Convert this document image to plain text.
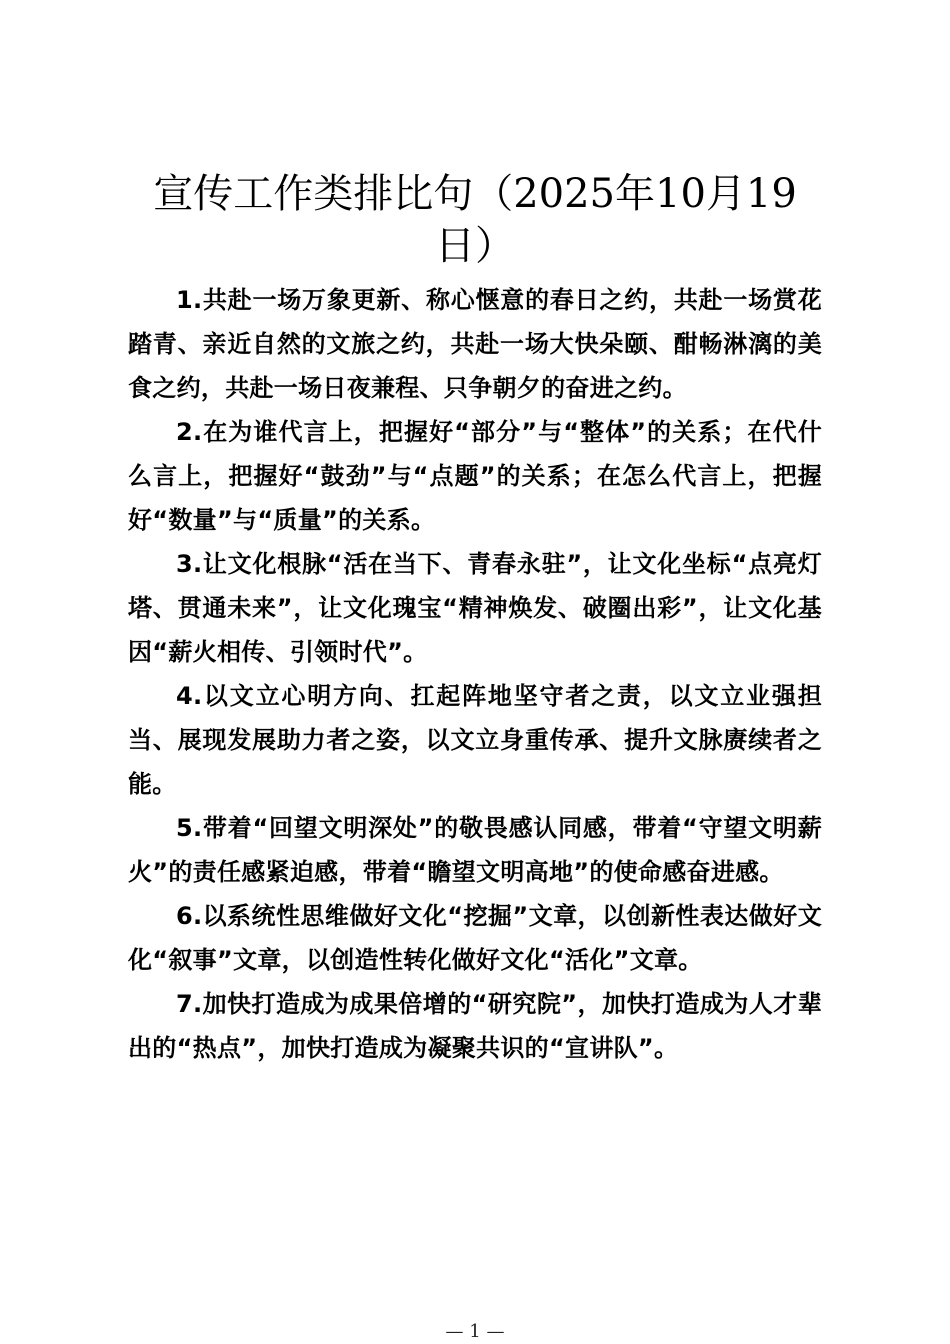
宣传工作类排比句（2025年10月19日）

1.共赴一场万象更新、称心惬意的春日之约，共赴一场赏花踏青、亲近自然的文旅之约，共赴一场大快朵颐、酣畅淋漓的美食之约，共赴一场日夜兼程、只争朝夕的奋进之约。

2.在为谁代言上，把握好“部分”与“整体”的关系；在代什么言上，把握好“鼓劲”与“点题”的关系；在怎么代言上，把握好“数量”与“质量”的关系。

3.让文化根脉“活在当下、青春永驻”，让文化坐标“点亮灯塔、贯通未来”，让文化瑰宝“精神焕发、破圈出彩”，让文化基因“薪火相传、引领时代”。

4.以文立心明方向、扛起阵地坚守者之责，以文立业强担当、展现发展助力者之姿，以文立身重传承、提升文脉赓续者之能。

5.带着“回望文明深处”的敬畏感认同感，带着“守望文明薪火”的责任感紧迫感，带着“瞻望文明高地”的使命感奋进感。

6.以系统性思维做好文化“挖掘”文章，以创新性表达做好文化“叙事”文章，以创造性转化做好文化“活化”文章。

7.加快打造成为成果倍增的“研究院”，加快打造成为人才辈出的“热点”，加快打造成为凝聚共识的“宣讲队”。

— 1 —
